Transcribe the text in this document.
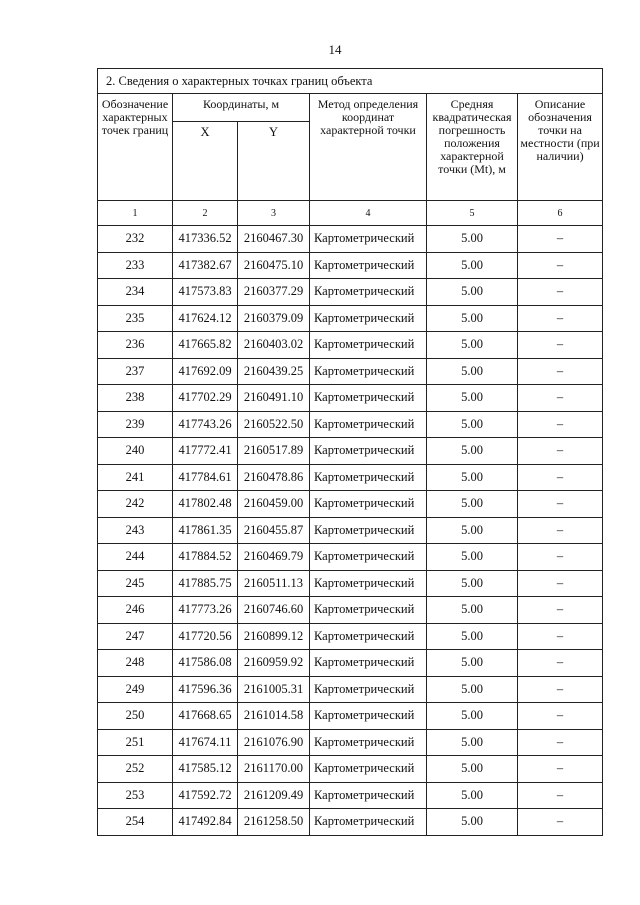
14
2. Сведения о характерных точках границ объекта					
Обозначение характерных точек границ	Координаты, м		Метод определения координат характерной точки	Средняя квадратическая погрешность положения характерной точки (Mt), м	Описание обозначения точки на местности (при наличии)
	X	Y			
1	2	3	4	5	6
232	417336.52	2160467.30	Картометрический	5.00	–
233	417382.67	2160475.10	Картометрический	5.00	–
234	417573.83	2160377.29	Картометрический	5.00	–
235	417624.12	2160379.09	Картометрический	5.00	–
236	417665.82	2160403.02	Картометрический	5.00	–
237	417692.09	2160439.25	Картометрический	5.00	–
238	417702.29	2160491.10	Картометрический	5.00	–
239	417743.26	2160522.50	Картометрический	5.00	–
240	417772.41	2160517.89	Картометрический	5.00	–
241	417784.61	2160478.86	Картометрический	5.00	–
242	417802.48	2160459.00	Картометрический	5.00	–
243	417861.35	2160455.87	Картометрический	5.00	–
244	417884.52	2160469.79	Картометрический	5.00	–
245	417885.75	2160511.13	Картометрический	5.00	–
246	417773.26	2160746.60	Картометрический	5.00	–
247	417720.56	2160899.12	Картометрический	5.00	–
248	417586.08	2160959.92	Картометрический	5.00	–
249	417596.36	2161005.31	Картометрический	5.00	–
250	417668.65	2161014.58	Картометрический	5.00	–
251	417674.11	2161076.90	Картометрический	5.00	–
252	417585.12	2161170.00	Картометрический	5.00	–
253	417592.72	2161209.49	Картометрический	5.00	–
254	417492.84	2161258.50	Картометрический	5.00	–
